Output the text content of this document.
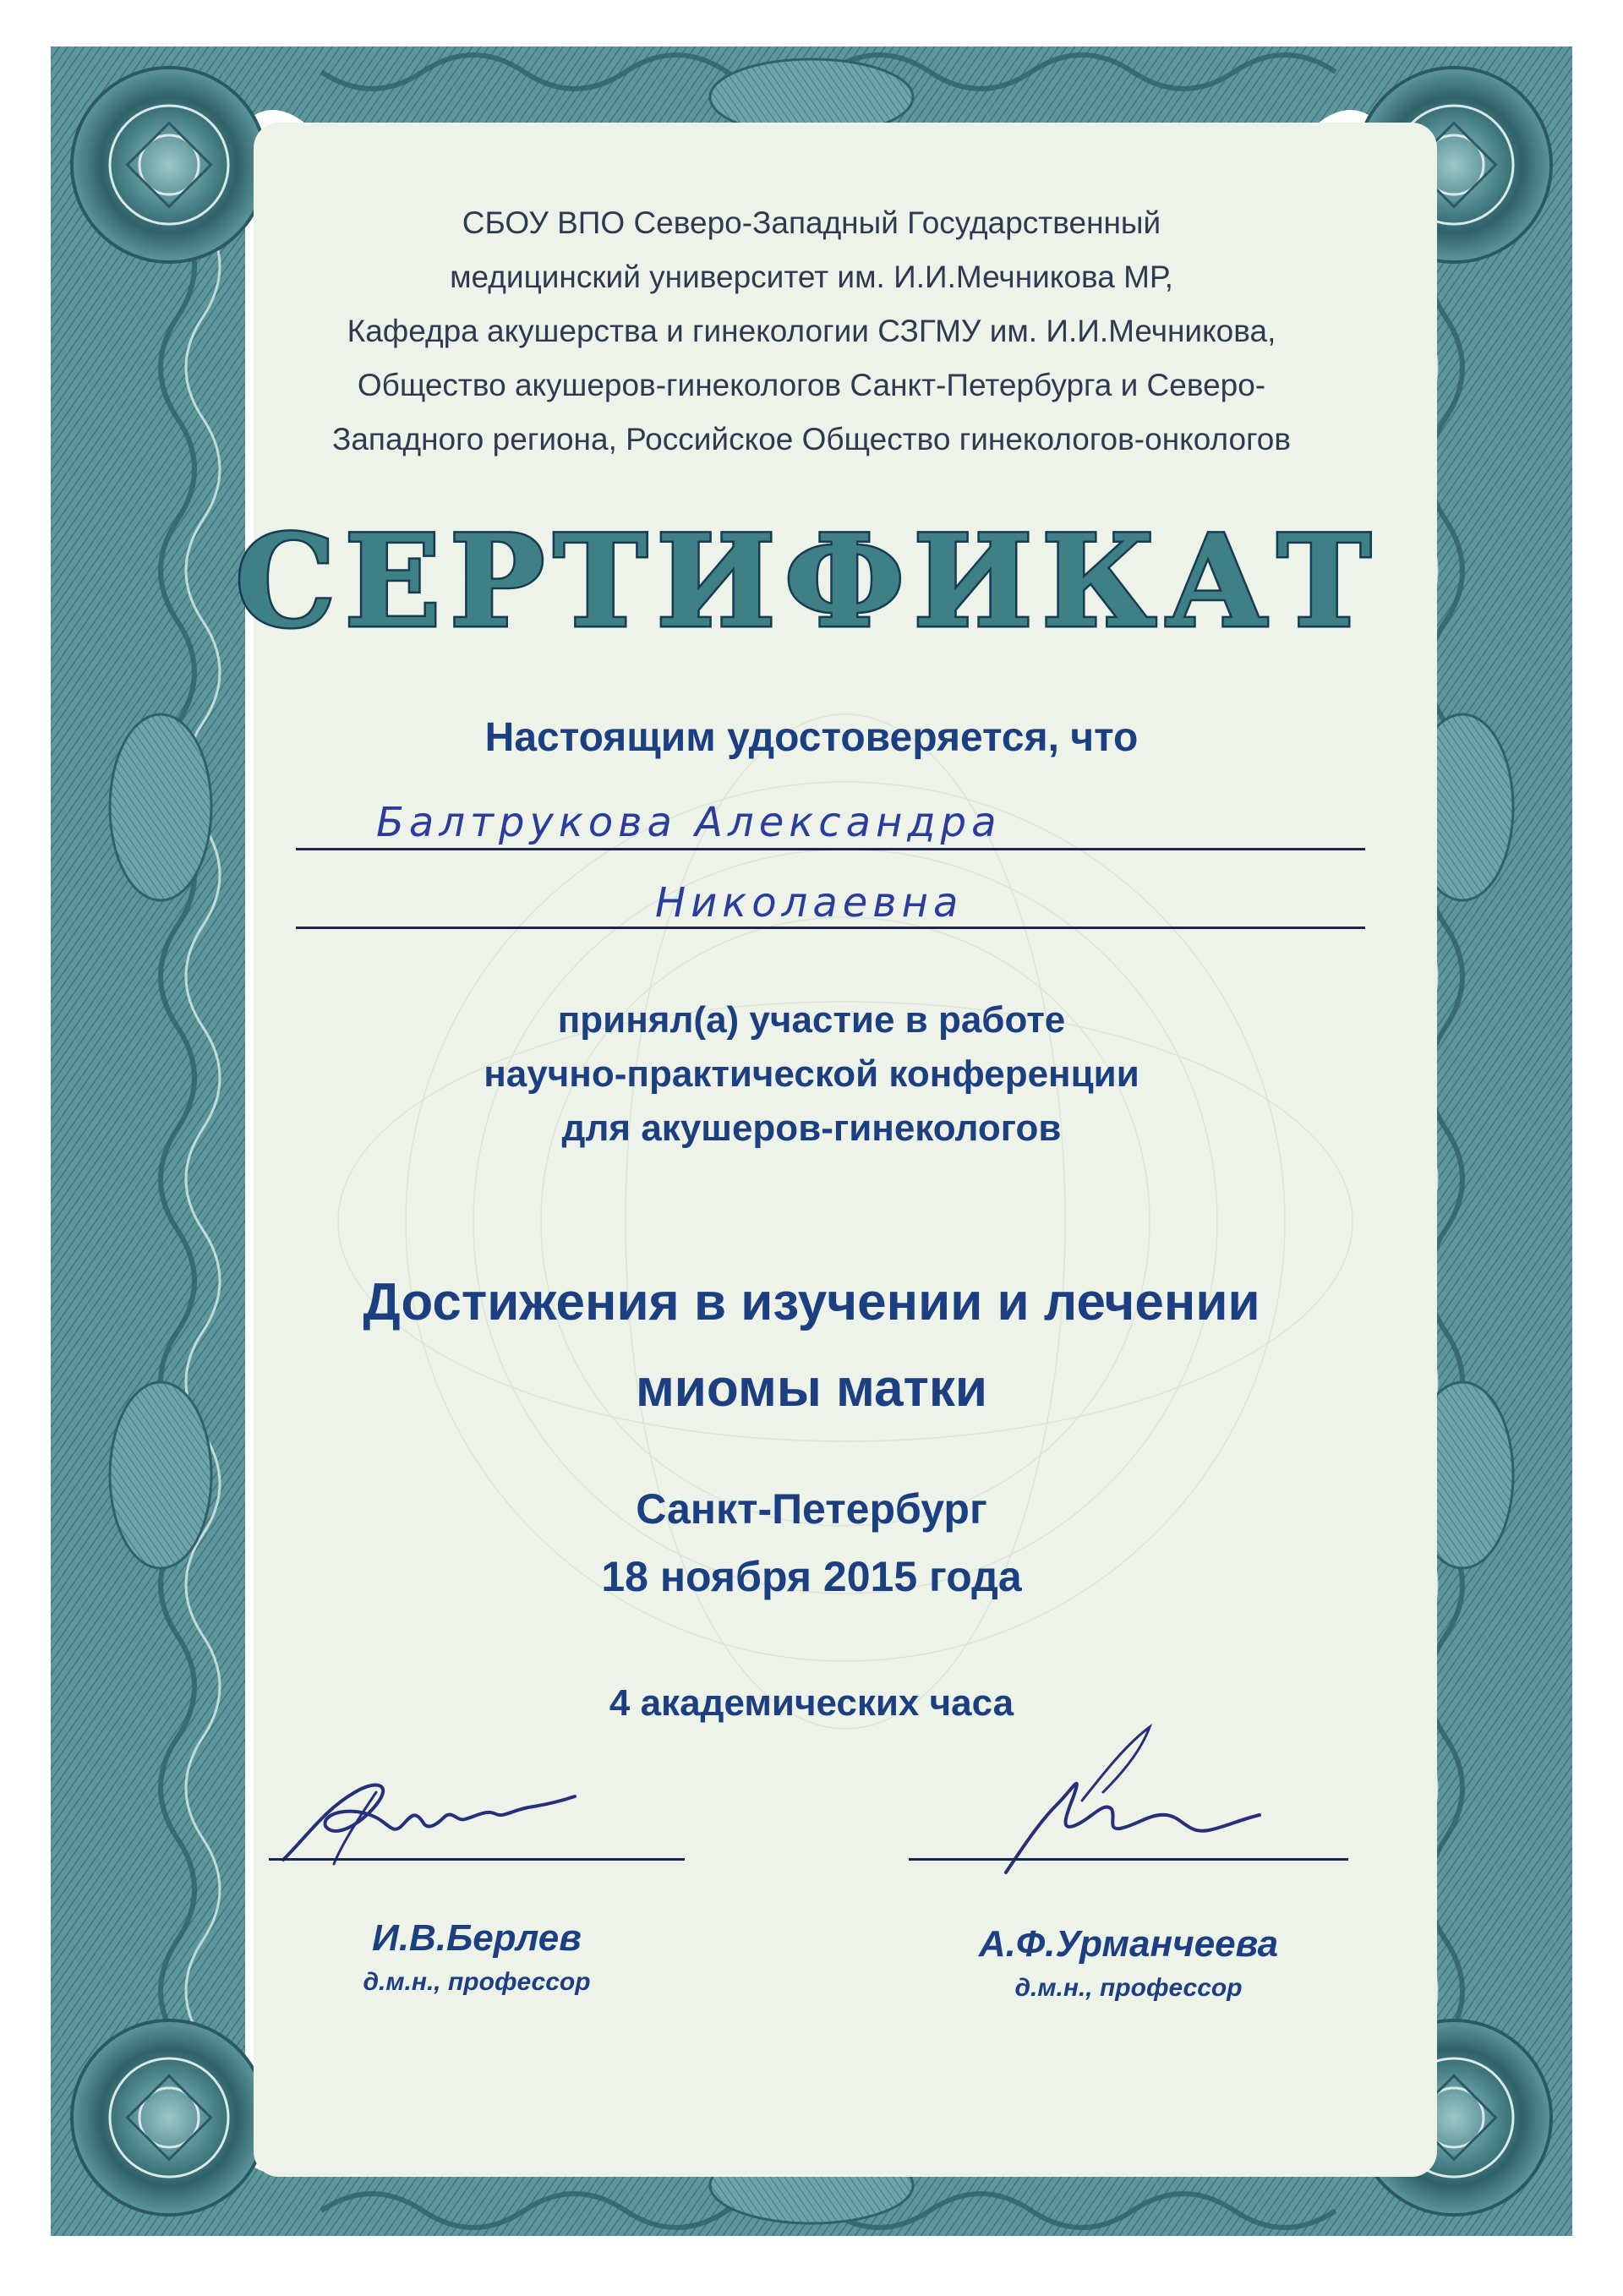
СБОУ ВПО Северо-Западный Государственный
медицинский университет им. И.И.Мечникова МР,
Кафедра акушерства и гинекологии СЗГМУ им. И.И.Мечникова,
Общество акушеров-гинекологов Санкт-Петербурга и Северо-
Западного региона, Российское Общество гинекологов-онкологов
СЕРТИФИКАТ
Настоящим удостоверяется, что
Балтрукова Александра
Николаевна
принял(а) участие в работе
научно-практической конференции
для акушеров-гинекологов
Достижения в изучении и лечении
миомы матки
Санкт-Петербург
18 ноября 2015 года
4 академических часа
И.В.Берлев
д.м.н., профессор
А.Ф.Урманчеева
д.м.н., профессор
